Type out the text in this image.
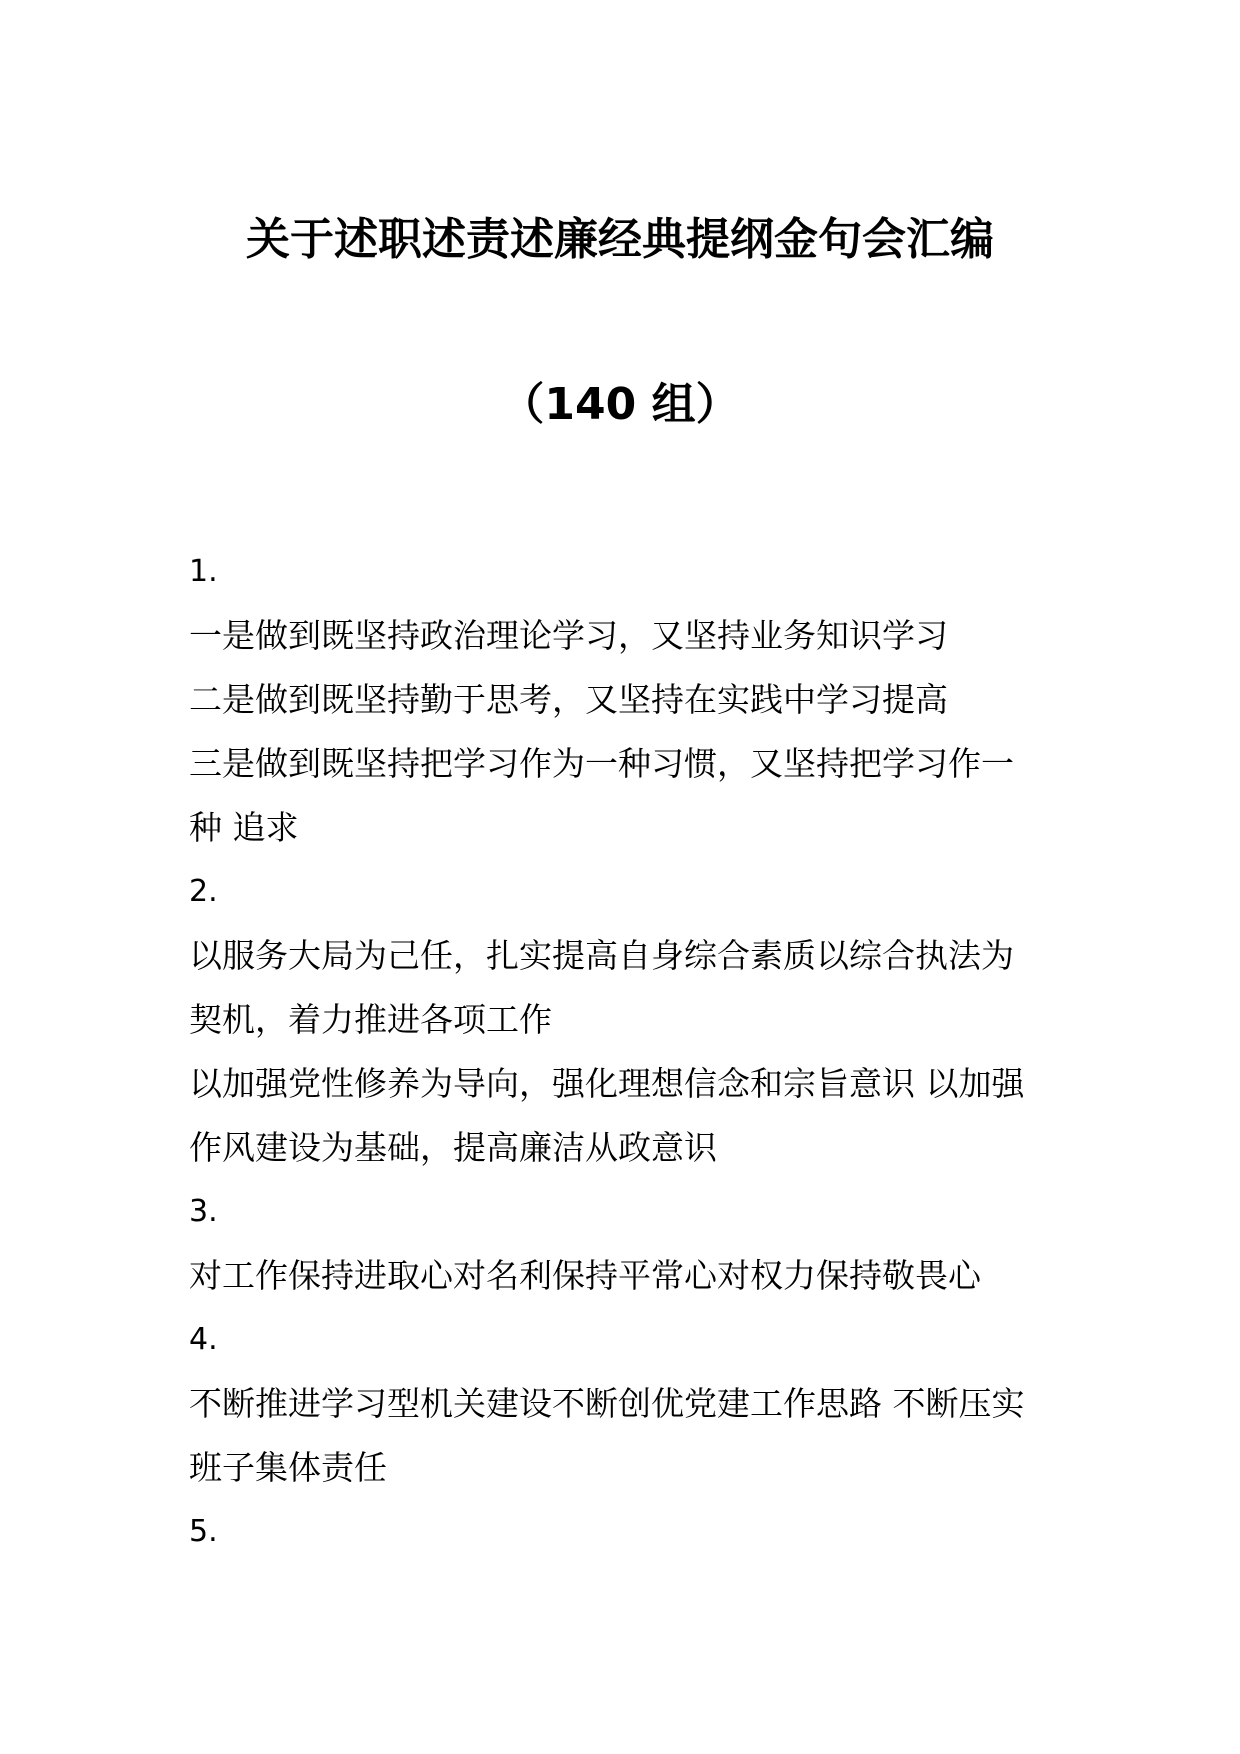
关于述职述责述廉经典提纲金句会汇编
（140 组）
1.
一是做到既坚持政治理论学习，又坚持业务知识学习
二是做到既坚持勤于思考，又坚持在实践中学习提高
三是做到既坚持把学习作为一种习惯，又坚持把学习作一
种 追求
2.
以服务大局为己任，扎实提高自身综合素质以综合执法为
契机，着力推进各项工作
以加强党性修养为导向，强化理想信念和宗旨意识 以加强
作风建设为基础，提高廉洁从政意识
3.
对工作保持进取心对名利保持平常心对权力保持敬畏心
4.
不断推进学习型机关建设不断创优党建工作思路 不断压实
班子集体责任
5.
